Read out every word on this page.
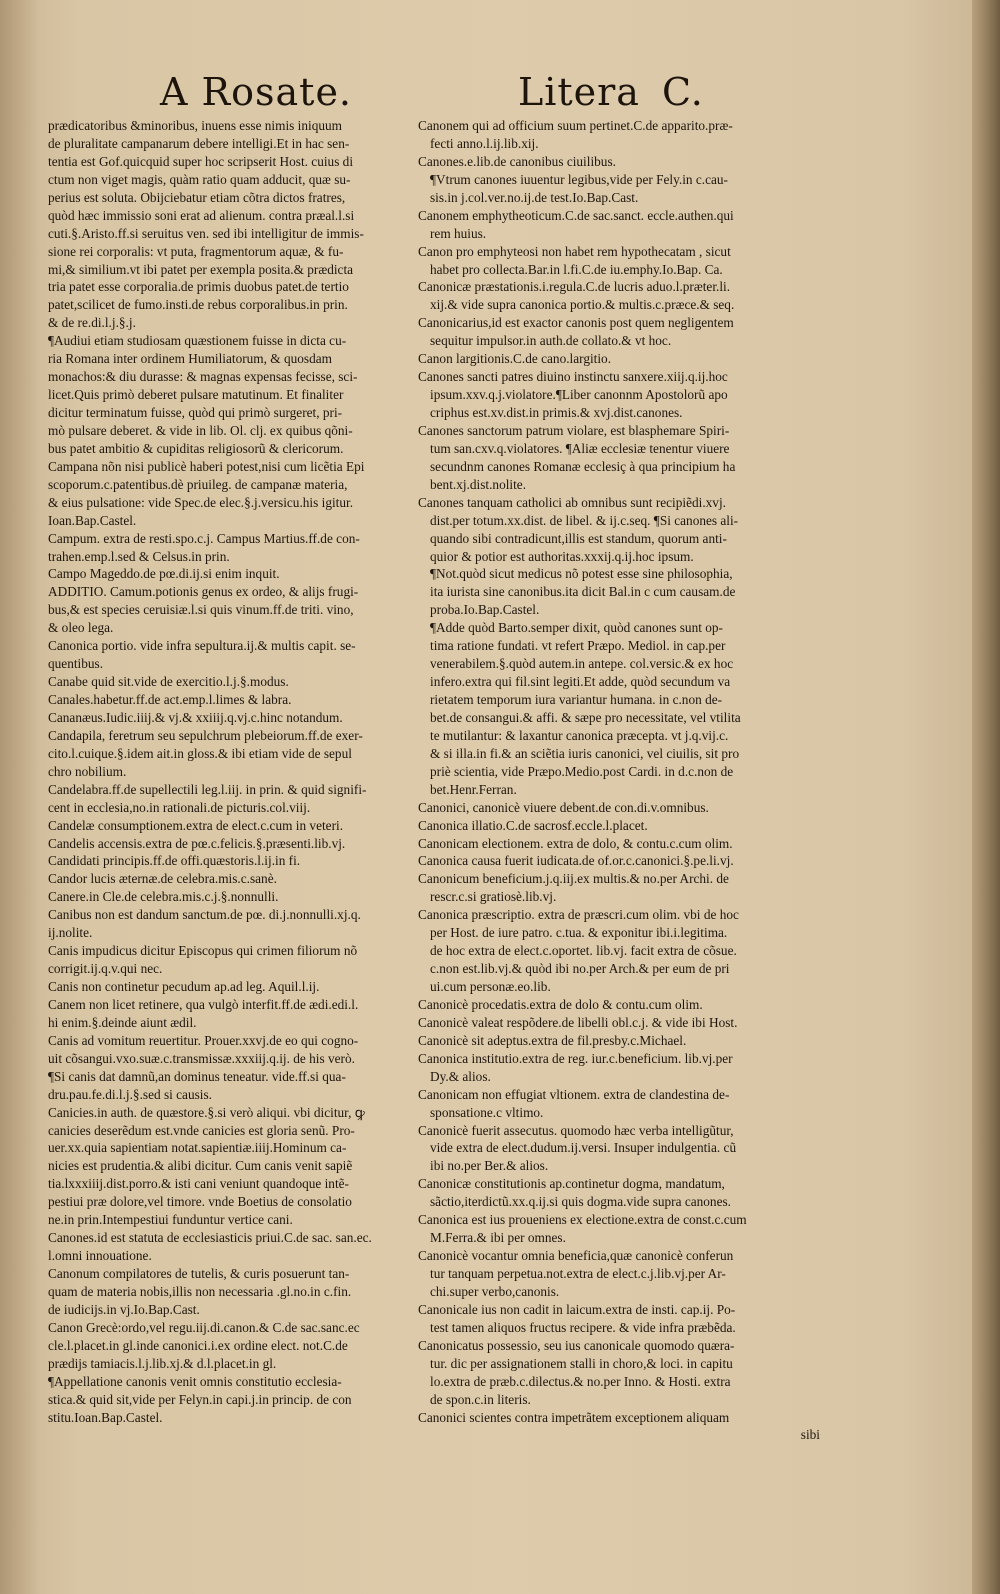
A Rosate.	Litera C.
prædicatoribus &minoribus, inuens esse nimis iniquum
de pluralitate campanarum debere intelligi.Et in hac sen-
tentia est Gof.quicquid super hoc scripserit Host. cuius di
ctum non viget magis, quàm ratio quam adducit, quæ su-
perius est soluta. Obijciebatur etiam cõtra dictos fratres,
quòd hæc immissio soni erat ad alienum. contra præal.l.si
cuti.§.Aristo.ff.si seruitus ven. sed ibi intelligitur de immis-
sione rei corporalis: vt puta, fragmentorum aquæ, & fu-
mi,& similium.vt ibi patet per exempla posita.& prædicta
tria patet esse corporalia.de primis duobus patet.de tertio
patet,scilicet de fumo.insti.de rebus corporalibus.in prin.
& de re.di.l.j.§.j.
¶Audiui etiam studiosam quæstionem fuisse in dicta cu-
ria Romana inter ordinem Humiliatorum, & quosdam
monachos:& diu durasse: & magnas expensas fecisse, sci-
licet.Quis primò deberet pulsare matutinum. Et finaliter
dicitur terminatum fuisse, quòd qui primò surgeret, pri-
mò pulsare deberet. & vide in lib. Ol. clj. ex quibus qõni-
bus patet ambitio & cupiditas religiosorũ & clericorum.
Campana nõn nisi publicè haberi potest,nisi cum licẽtia Epi
scoporum.c.patentibus.dè priuileg. de campanæ materia,
& eius pulsatione: vide Spec.de elec.§.j.versicu.his igitur.
Ioan.Bap.Castel.
Campum. extra de resti.spo.c.j. Campus Martius.ff.de con-
trahen.emp.l.sed & Celsus.in prin.
Campo Mageddo.de pœ.di.ij.si enim inquit.
ADDITIO. Camum.potionis genus ex ordeo, & alijs frugi-
bus,& est species ceruisiæ.l.si quis vinum.ff.de triti. vino,
& oleo lega.
Canonica portio. vide infra sepultura.ij.& multis capit. se-
quentibus.
Canabe quid sit.vide de exercitio.l.j.§.modus.
Canales.habetur.ff.de act.emp.l.limes & labra.
Cananæus.Iudic.iiij.& vj.& xxiiij.q.vj.c.hinc notandum.
Candapila, feretrum seu sepulchrum plebeiorum.ff.de exer-
cito.l.cuique.§.idem ait.in gloss.& ibi etiam vide de sepul
chro nobilium.
Candelabra.ff.de supellectili leg.l.iij. in prin. & quid signifi-
cent in ecclesia,no.in rationali.de picturis.col.viij.
Candelæ consumptionem.extra de elect.c.cum in veteri.
Candelis accensis.extra de pœ.c.felicis.§.præsenti.lib.vj.
Candidati principis.ff.de offi.quæstoris.l.ij.in fi.
Candor lucis æternæ.de celebra.mis.c.sanè.
Canere.in Cle.de celebra.mis.c.j.§.nonnulli.
Canibus non est dandum sanctum.de pœ. di.j.nonnulli.xj.q.
ij.nolite.
Canis impudicus dicitur Episcopus qui crimen filiorum nõ
corrigit.ij.q.v.qui nec.
Canis non continetur pecudum ap.ad leg. Aquil.l.ij.
Canem non licet retinere, qua vulgò interfit.ff.de ædi.edi.l.
hi enim.§.deinde aiunt ædil.
Canis ad vomitum reuertitur. Prouer.xxvj.de eo qui cogno-
uit cõsangui.vxo.suæ.c.transmissæ.xxxiij.q.ij. de his verò.
¶Si canis dat damnũ,an dominus teneatur. vide.ff.si qua-
dru.pau.fe.di.l.j.§.sed si causis.
Canicies.in auth. de quæstore.§.si verò aliqui. vbi dicitur, ꝙ
canicies deserẽdum est.vnde canicies est gloria senũ. Pro-
uer.xx.quia sapientiam notat.sapientiæ.iiij.Hominum ca-
nicies est prudentia.& alibi dicitur. Cum canis venit sapiẽ
tia.lxxxiiij.dist.porro.& isti cani veniunt quandoque intẽ-
pestiui præ dolore,vel timore. vnde Boetius de consolatio
ne.in prin.Intempestiui funduntur vertice cani.
Canones.id est statuta de ecclesiasticis priui.C.de sac. san.ec.
l.omni innouatione.
Canonum compilatores de tutelis, & curis posuerunt tan-
quam de materia nobis,illis non necessaria .gl.no.in c.fin.
de iudicijs.in vj.Io.Bap.Cast.
Canon Grecè:ordo,vel regu.iij.di.canon.& C.de sac.sanc.ec
cle.l.placet.in gl.inde canonici.i.ex ordine elect. not.C.de
prædijs tamiacis.l.j.lib.xj.& d.l.placet.in gl.
¶Appellatione canonis venit omnis constitutio ecclesia-
stica.& quid sit,vide per Felyn.in capi.j.in princip. de con
stitu.Ioan.Bap.Castel.
Canonem qui ad officium suum pertinet.C.de apparito.præ-
fecti anno.l.ij.lib.xij.
Canones.e.lib.de canonibus ciuilibus.
¶Vtrum canones iuuentur legibus,vide per Fely.in c.cau-
sis.in j.col.ver.no.ij.de test.Io.Bap.Cast.
Canonem emphytheoticum.C.de sac.sanct. eccle.authen.qui
rem huius.
Canon pro emphyteosi non habet rem hypothecatam , sicut
habet pro collecta.Bar.in l.fi.C.de iu.emphy.Io.Bap. Ca.
Canonicæ præstationis.i.regula.C.de lucris aduo.l.præter.li.
xij.& vide supra canonica portio.& multis.c.præce.& seq.
Canonicarius,id est exactor canonis post quem negligentem
sequitur impulsor.in auth.de collato.& vt hoc.
Canon largitionis.C.de cano.largitio.
Canones sancti patres diuino instinctu sanxere.xiij.q.ij.hoc
ipsum.xxv.q.j.violatore.¶Liber canonnm Apostolorũ apo
criphus est.xv.dist.in primis.& xvj.dist.canones.
Canones sanctorum patrum violare, est blasphemare Spiri-
tum san.cxv.q.violatores. ¶Aliæ ecclesiæ tenentur viuere
secundnm canones Romanæ ecclesiç à qua principium ha
bent.xj.dist.nolite.
Canones tanquam catholici ab omnibus sunt recipiẽdi.xvj.
dist.per totum.xx.dist. de libel. & ij.c.seq. ¶Si canones ali-
quando sibi contradicunt,illis est standum, quorum anti-
quior & potior est authoritas.xxxij.q.ij.hoc ipsum.
¶Not.quòd sicut medicus nõ potest esse sine philosophia,
ita iurista sine canonibus.ita dicit Bal.in c cum causam.de
proba.Io.Bap.Castel.
¶Adde quòd Barto.semper dixit, quòd canones sunt op-
tima ratione fundati. vt refert Præpo. Mediol. in cap.per
venerabilem.§.quòd autem.in antepe. col.versic.& ex hoc
infero.extra qui fil.sint legiti.Et adde, quòd secundum va
rietatem temporum iura variantur humana. in c.non de-
bet.de consangui.& affi. & sæpe pro necessitate, vel vtilita
te mutilantur: & laxantur canonica præcepta. vt j.q.vij.c.
& si illa.in fi.& an sciẽtia iuris canonici, vel ciuilis, sit pro
priè scientia, vide Præpo.Medio.post Cardi. in d.c.non de
bet.Henr.Ferran.
Canonici, canonicè viuere debent.de con.di.v.omnibus.
Canonica illatio.C.de sacrosf.eccle.l.placet.
Canonicam electionem. extra de dolo, & contu.c.cum olim.
Canonica causa fuerit iudicata.de of.or.c.canonici.§.pe.li.vj.
Canonicum beneficium.j.q.iij.ex multis.& no.per Archi. de
rescr.c.si gratiosè.lib.vj.
Canonica præscriptio. extra de præscri.cum olim. vbi de hoc
per Host. de iure patro. c.tua. & exponitur ibi.i.legitima.
de hoc extra de elect.c.oportet. lib.vj. facit extra de cõsue.
c.non est.lib.vj.& quòd ibi no.per Arch.& per eum de pri
ui.cum personæ.eo.lib.
Canonicè procedatis.extra de dolo & contu.cum olim.
Canonicè valeat respõdere.de libelli obl.c.j. & vide ibi Host.
Canonicè sit adeptus.extra de fil.presby.c.Michael.
Canonica institutio.extra de reg. iur.c.beneficium. lib.vj.per
Dy.& alios.
Canonicam non effugiat vltionem. extra de clandestina de-
sponsatione.c vltimo.
Canonicè fuerit assecutus. quomodo hæc verba intelligũtur,
vide extra de elect.dudum.ij.versi. Insuper indulgentia. cũ
ibi no.per Ber.& alios.
Canonicæ constitutionis ap.continetur dogma, mandatum,
sãctio,iterdictũ.xx.q.ij.si quis dogma.vide supra canones.
Canonica est ius proueniens ex electione.extra de const.c.cum
M.Ferra.& ibi per omnes.
Canonicè vocantur omnia beneficia,quæ canonicè conferun
tur tanquam perpetua.not.extra de elect.c.j.lib.vj.per Ar-
chi.super verbo,canonis.
Canonicale ius non cadit in laicum.extra de insti. cap.ij. Po-
test tamen aliquos fructus recipere. & vide infra præbẽda.
Canonicatus possessio, seu ius canonicale quomodo quæra-
tur. dic per assignationem stalli in choro,& loci. in capitu
lo.extra de præb.c.dilectus.& no.per Inno. & Hosti. extra
de spon.c.in literis.
Canonici scientes contra impetrãtem exceptionem aliquam
sibi
